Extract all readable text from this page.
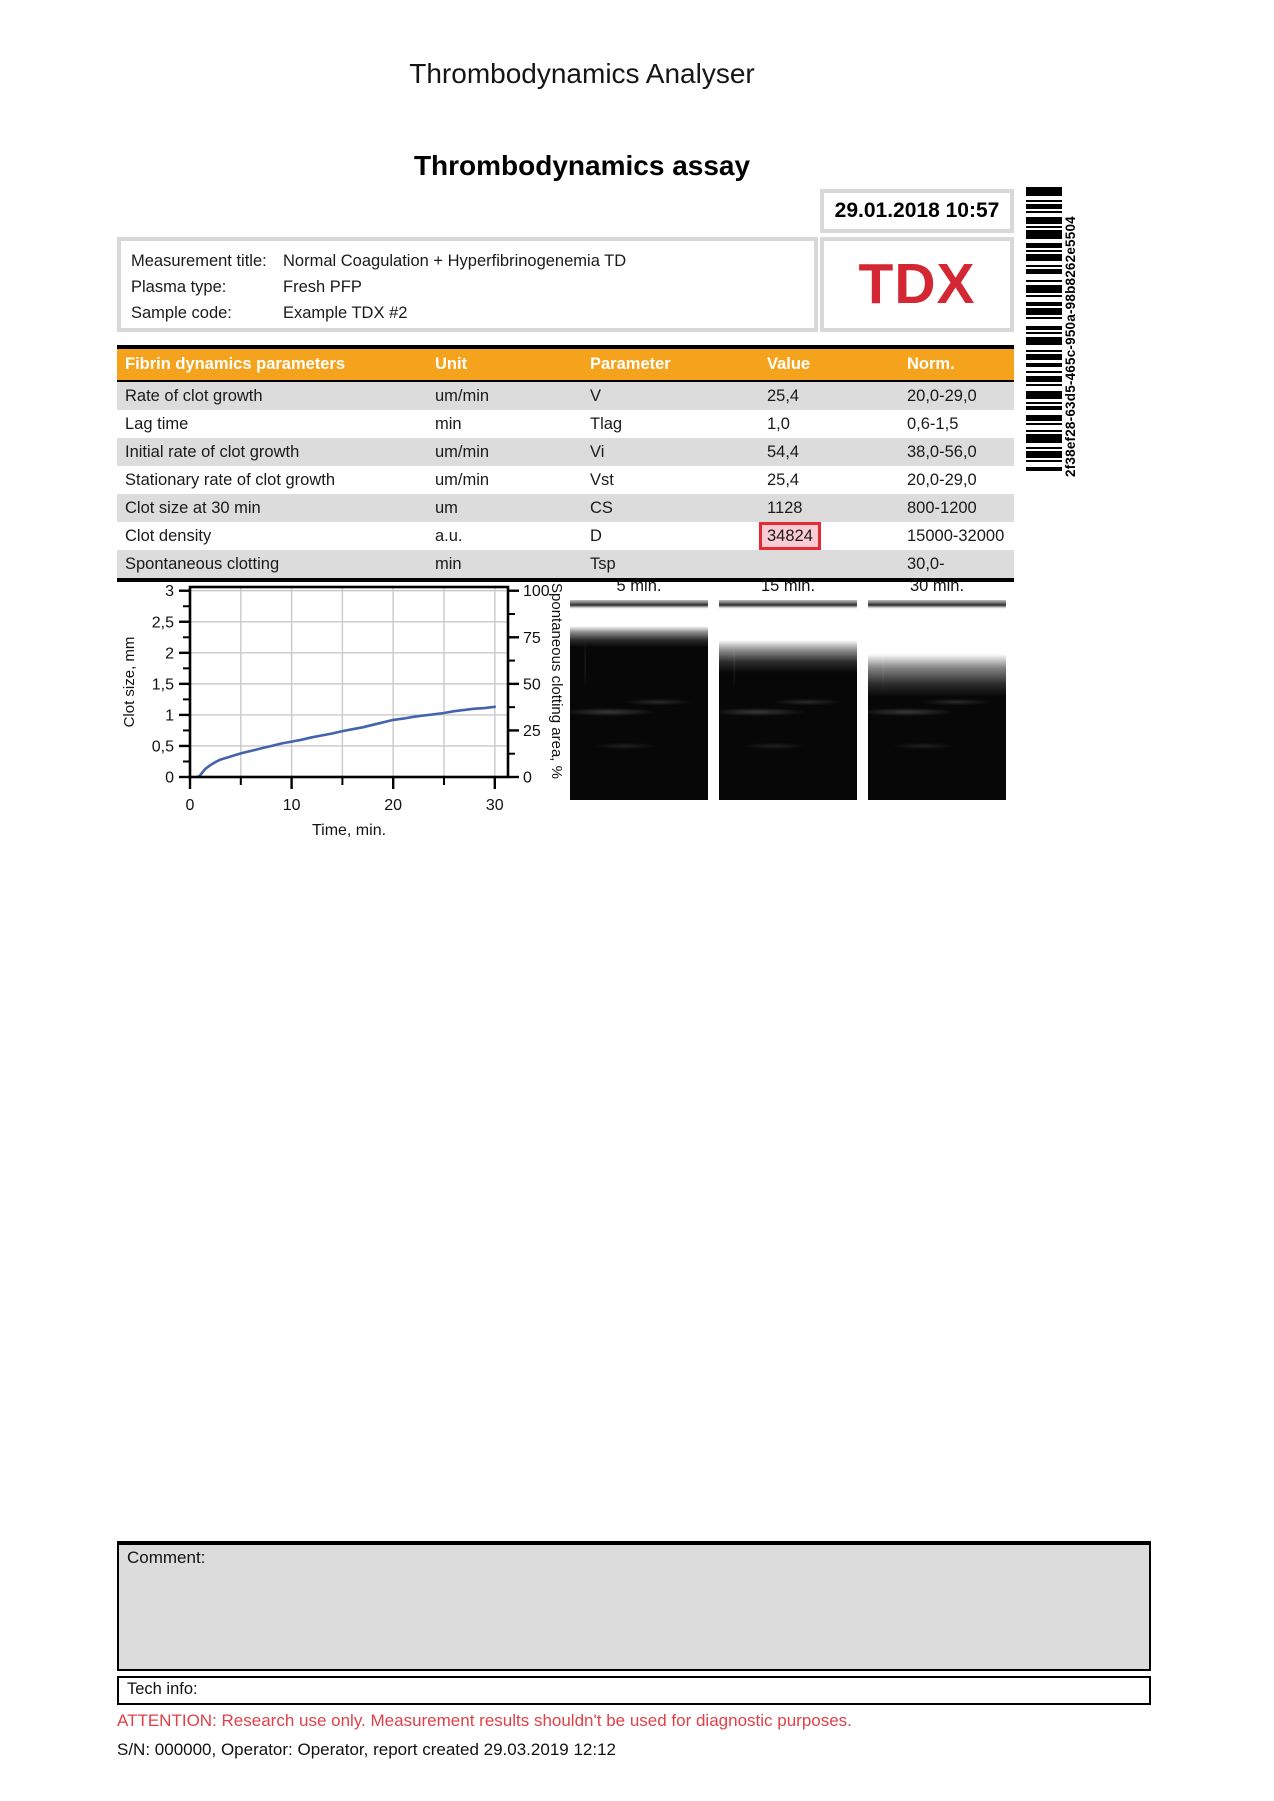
Thrombodynamics Analyser
Thrombodynamics assay
29.01.2018 10:57
Measurement title: Normal Coagulation + Hyperfibrinogenemia TD
Plasma type:	Fresh PFP
Sample code:	Example TDX #2	TDX	2f38ef28-63d5-465c-950a-98b8262e5504
Fibrin dynamics parameters	Unit	Parameter	Value	Norm.
Rate of clot growth	um/min	V	25,4	20,0-29,0
Lag time	min	Tlag	1,0	0,6-1,5
Initial rate of clot growth	um/min	Vi	54,4	38,0-56,0
Stationary rate of clot growth	um/min	Vst	25,4	20,0-29,0
Clot size at 30 min	um	CS	1128	800-1200
Clot density	a.u.	D	34824	15000-32000
Spontaneous clotting	min	Tsp		30,0-
0
0,5
1
1,5
2
2,5
3
0
25
50
75
100
0	10	20	30
Clot size, mm	Spontaneous clotting area, %
Time, min.
5 min.	15 min.	30 min.
Comment:
Tech info:
ATTENTION: Research use only. Measurement results shouldn't be used for diagnostic purposes.
S/N: 000000, Operator: Operator, report created 29.03.2019 12:12
